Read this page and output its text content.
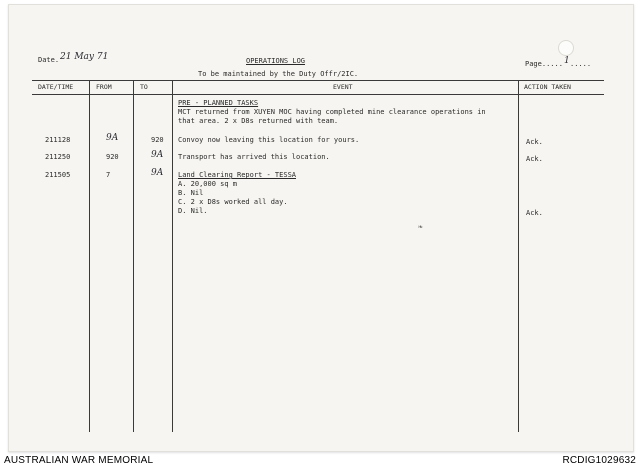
Date. 21 May 71	OPERATIONS LOG
To be maintained by the Duty Offr/2IC.
Page..... 1 .....
DATE/TIME	FROM	TO	EVENT	ACTION TAKEN
PRE - PLANNED TASKS
MCT returned from XUYEN MOC having completed mine clearance operations in
that area. 2 x D8s returned with team.
211128	9A	920 Convoy now leaving this location for yours.	Ack.
211250	920	9A Transport has arrived this location.	Ack.
211505	7	9A Land Clearing Report - TESSA
A. 20,000 sq m
B. Nil
C. 2 x D8s worked all day.
D. Nil.	Ack.
❧
AUSTRALIAN WAR MEMORIAL	RCDIG1029632
